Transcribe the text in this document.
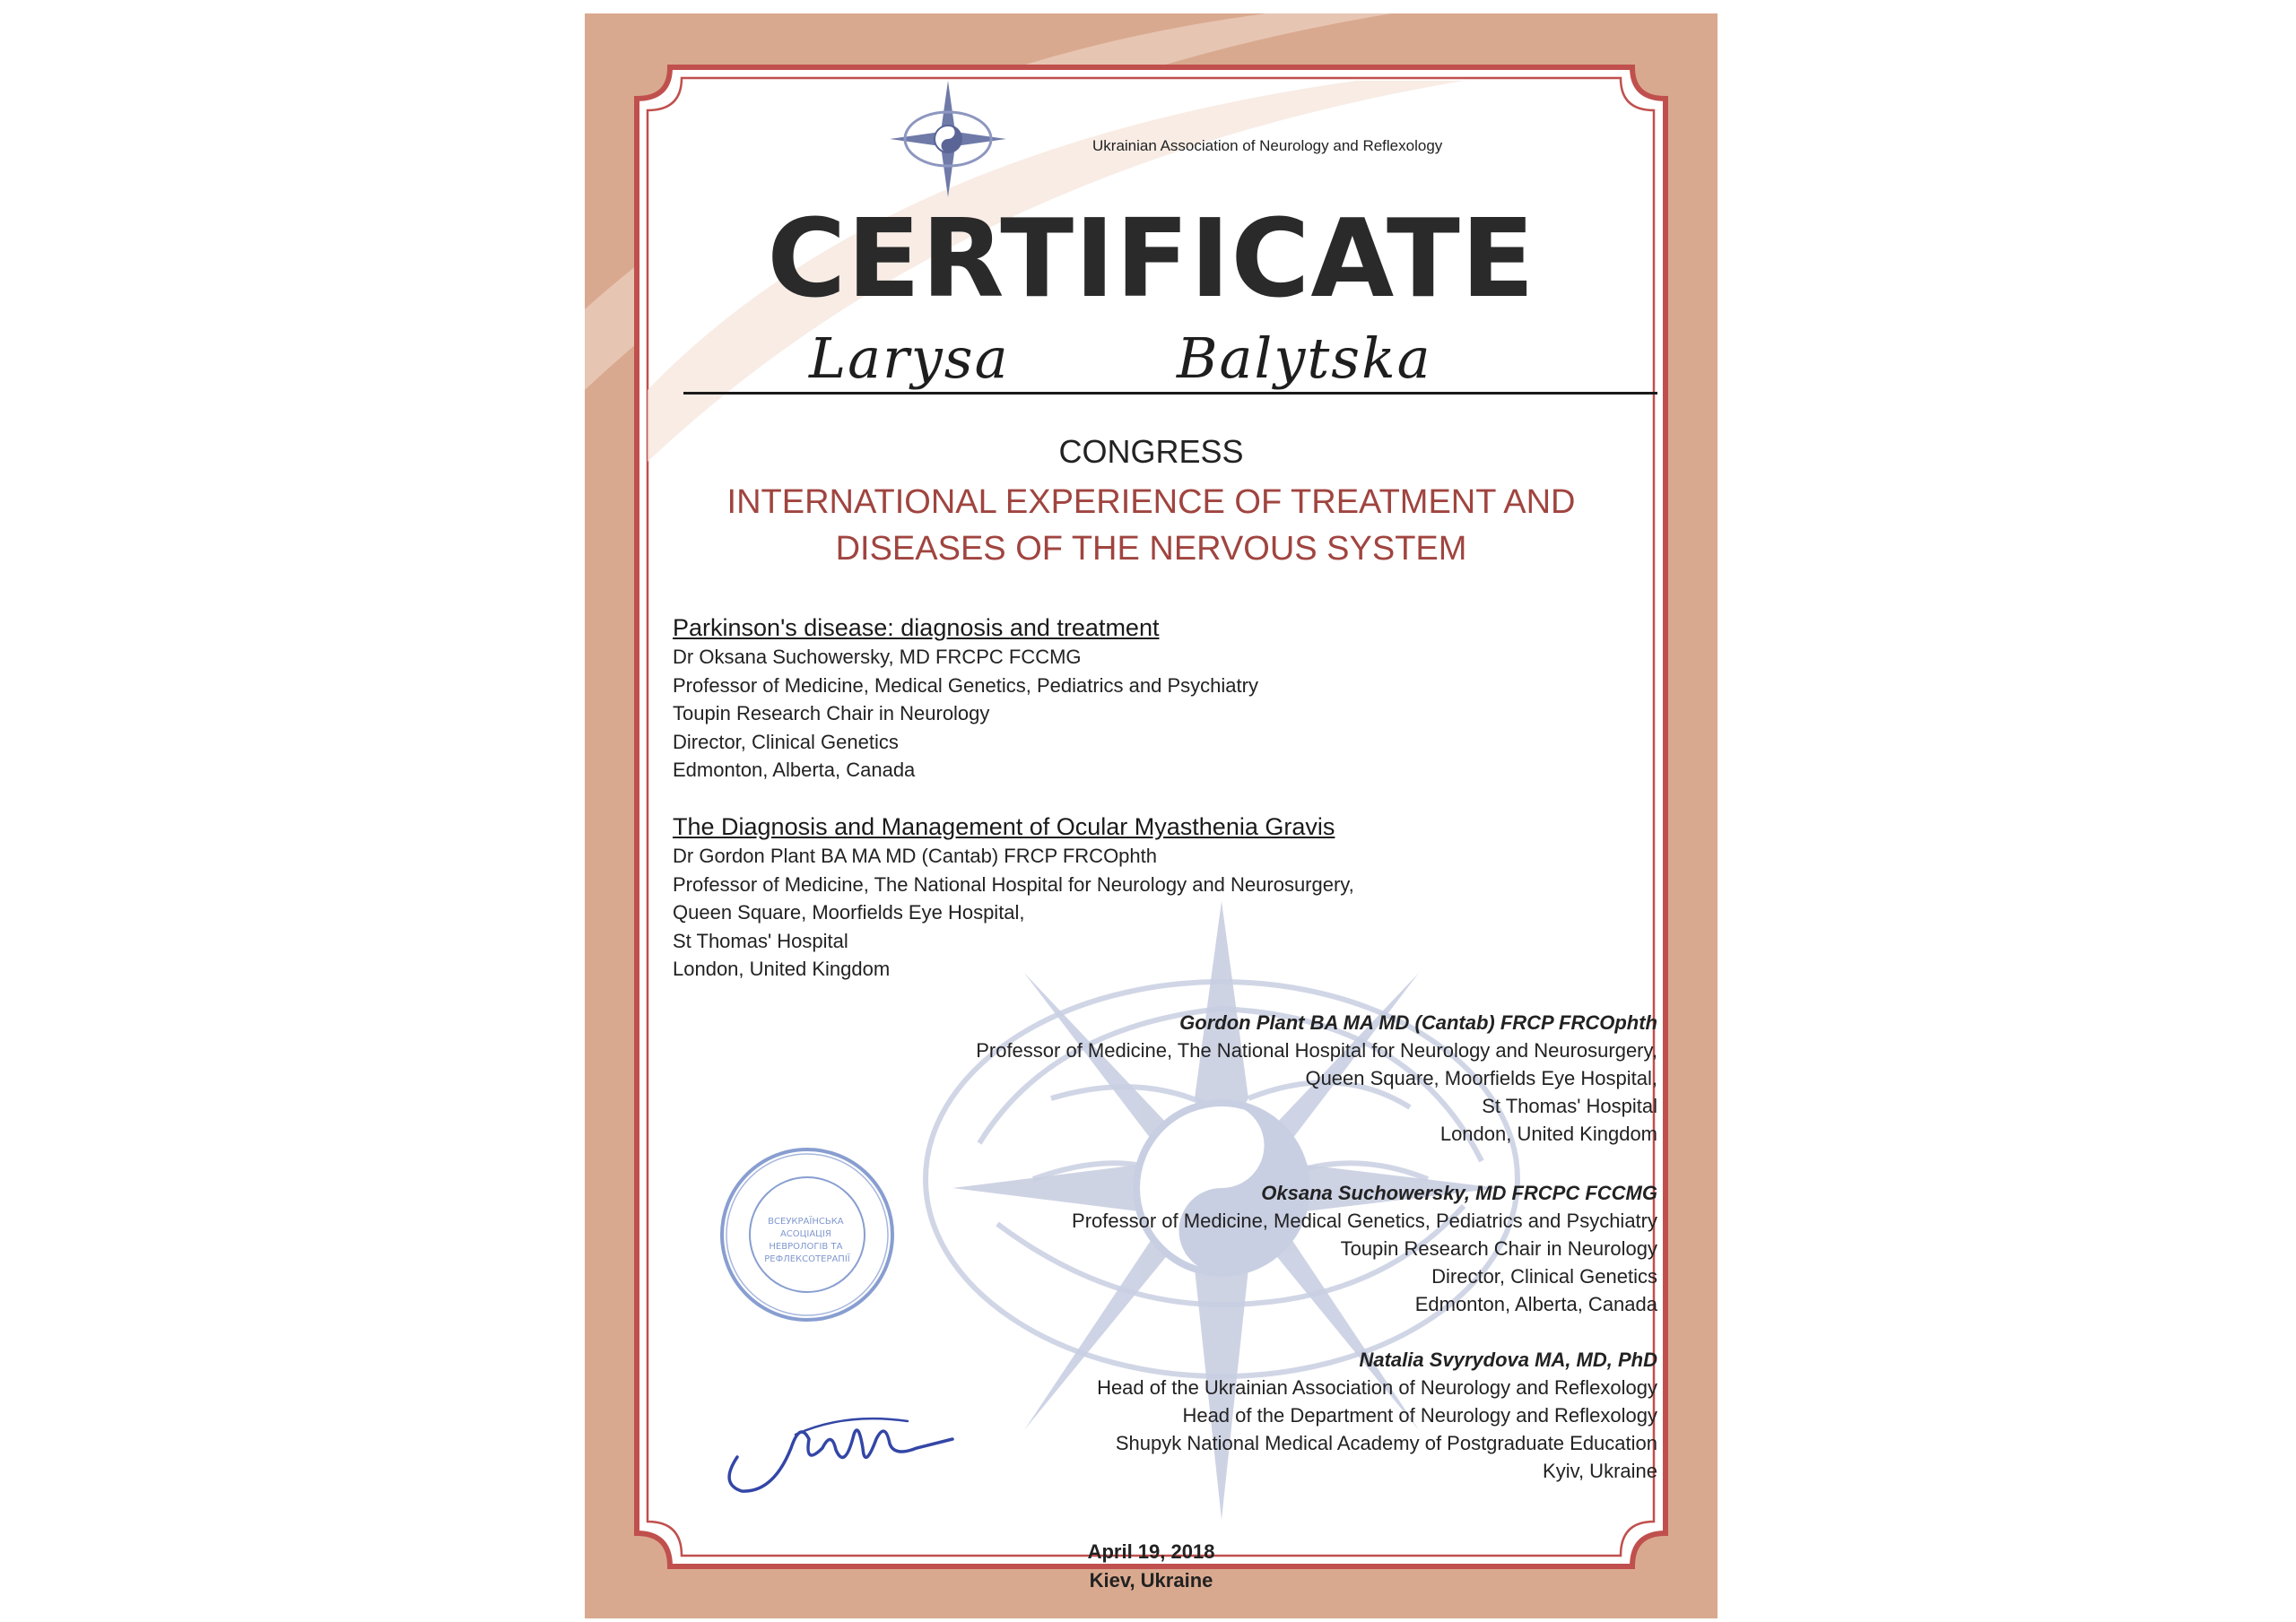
Ukrainian Association of Neurology and Reflexology
CERTIFICATE
Larysa	Balytska
CONGRESS
INTERNATIONAL EXPERIENCE OF TREATMENT AND
DISEASES OF THE NERVOUS SYSTEM
Parkinson's disease: diagnosis and treatment
Dr Oksana Suchowersky, MD FRCPC FCCMG
Professor of Medicine, Medical Genetics, Pediatrics and Psychiatry
Toupin Research Chair in Neurology
Director, Clinical Genetics
Edmonton, Alberta, Canada
The Diagnosis and Management of Ocular Myasthenia Gravis
Dr Gordon Plant BA MA MD (Cantab) FRCP FRCOphth
Professor of Medicine, The National Hospital for Neurology and Neurosurgery,
Queen Square, Moorfields Eye Hospital,
St Thomas' Hospital
London, United Kingdom
Gordon Plant BA MA MD (Cantab) FRCP FRCOphth
Professor of Medicine, The National Hospital for Neurology and Neurosurgery,
Queen Square, Moorfields Eye Hospital,
St Thomas' Hospital
London, United Kingdom
Oksana Suchowersky, MD FRCPC FCCMG
Professor of Medicine, Medical Genetics, Pediatrics and Psychiatry
Toupin Research Chair in Neurology
Director, Clinical Genetics
Edmonton, Alberta, Canada
Natalia Svyrydova MA, MD, PhD
Head of the Ukrainian Association of Neurology and Reflexology
Head of the Department of Neurology and Reflexology
Shupyk National Medical Academy of Postgraduate Education
Kyiv, Ukraine
ВСЕУКРАЇНСЬКА АСОЦІАЦІЯ НЕВРОЛОГІВ ТА РЕФЛЕКСОТЕРАПІЇ
April 19, 2018
Kiev, Ukraine
